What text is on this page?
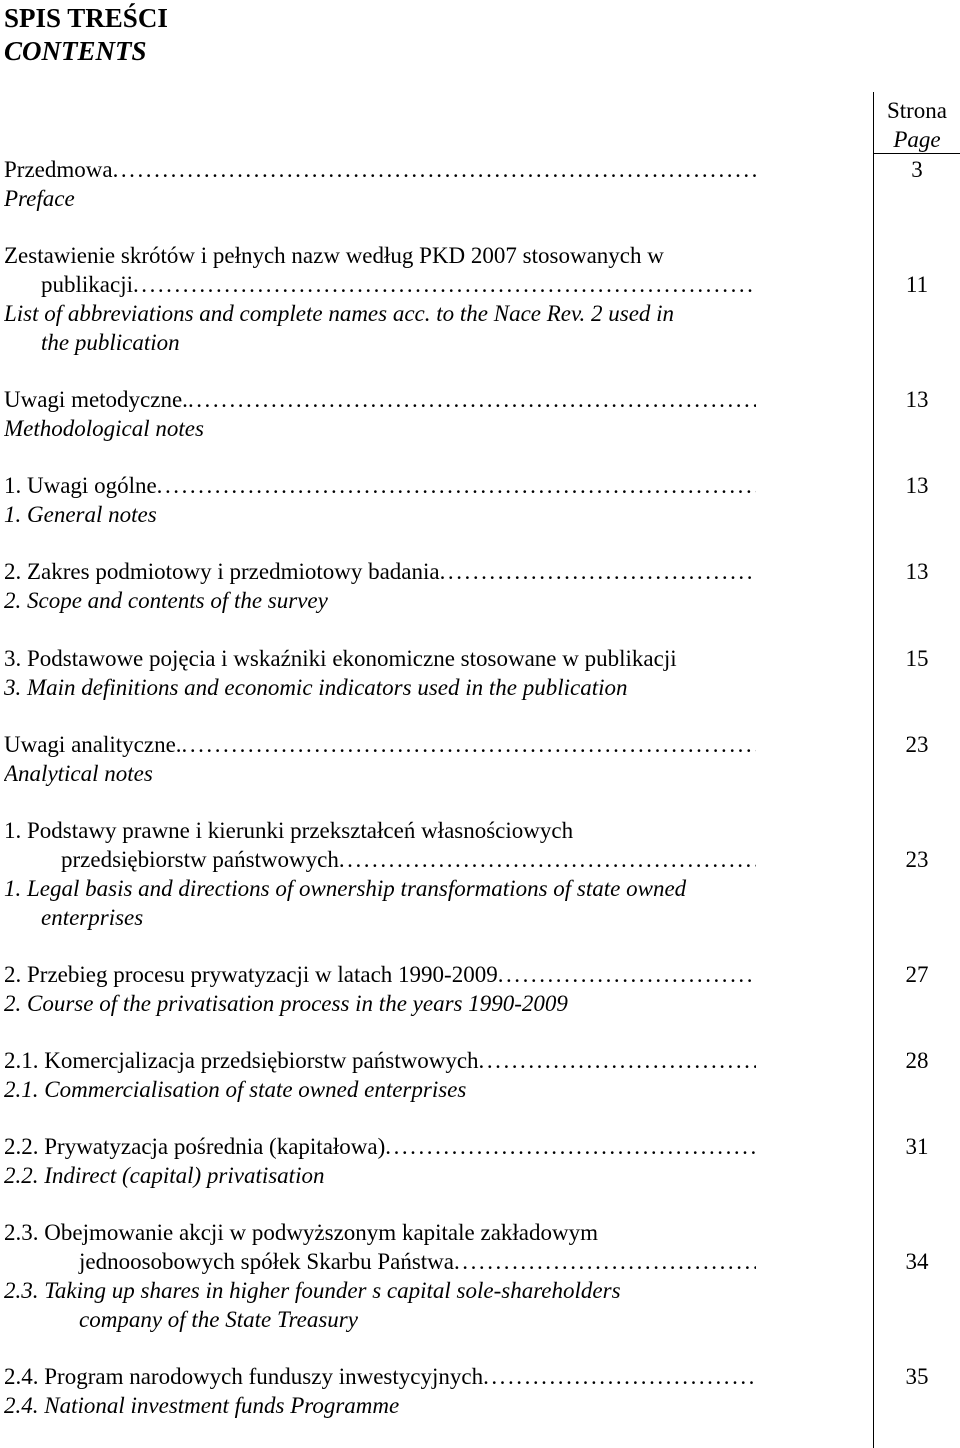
SPIS TREŚCI
CONTENTS
Strona
Page
Przedmowa
. . .
Preface
3
Zestawienie skrótów i pełnych nazw według PKD 2007 stosowanych w
publikacji
. . .
List of abbreviations and complete names acc. to the Nace Rev. 2 used in
the publication
11
Uwagi metodyczne.
. . .
Methodological notes
13
1. Uwagi ogólne
. . .
1. General notes
13
2. Zakres podmiotowy i przedmiotowy badania
. . .
2. Scope and contents of the survey
13
3. Podstawowe pojęcia i wskaźniki ekonomiczne stosowane w publikacji
3. Main definitions and economic indicators used in the publication
15
Uwagi analityczne.
. . .
Analytical notes
23
1. Podstawy prawne i kierunki przekształceń własnościowych
przedsiębiorstw państwowych
. . .
1. Legal basis and directions of ownership transformations of state owned
enterprises
23
2. Przebieg procesu prywatyzacji w latach 1990-2009
. . .
2. Course of the privatisation process in the years 1990-2009
27
2.1. Komercjalizacja przedsiębiorstw państwowych
. . .
2.1. Commercialisation of state owned enterprises
28
2.2. Prywatyzacja pośrednia (kapitałowa)
. . .
2.2. Indirect (capital) privatisation
31
2.3. Obejmowanie akcji w podwyższonym kapitale zakładowym
jednoosobowych spółek Skarbu Państwa
. . .
2.3. Taking up shares in higher founder s capital sole-shareholders
company of the State Treasury
34
2.4. Program narodowych funduszy inwestycyjnych
. . .
2.4. National investment funds Programme
35
